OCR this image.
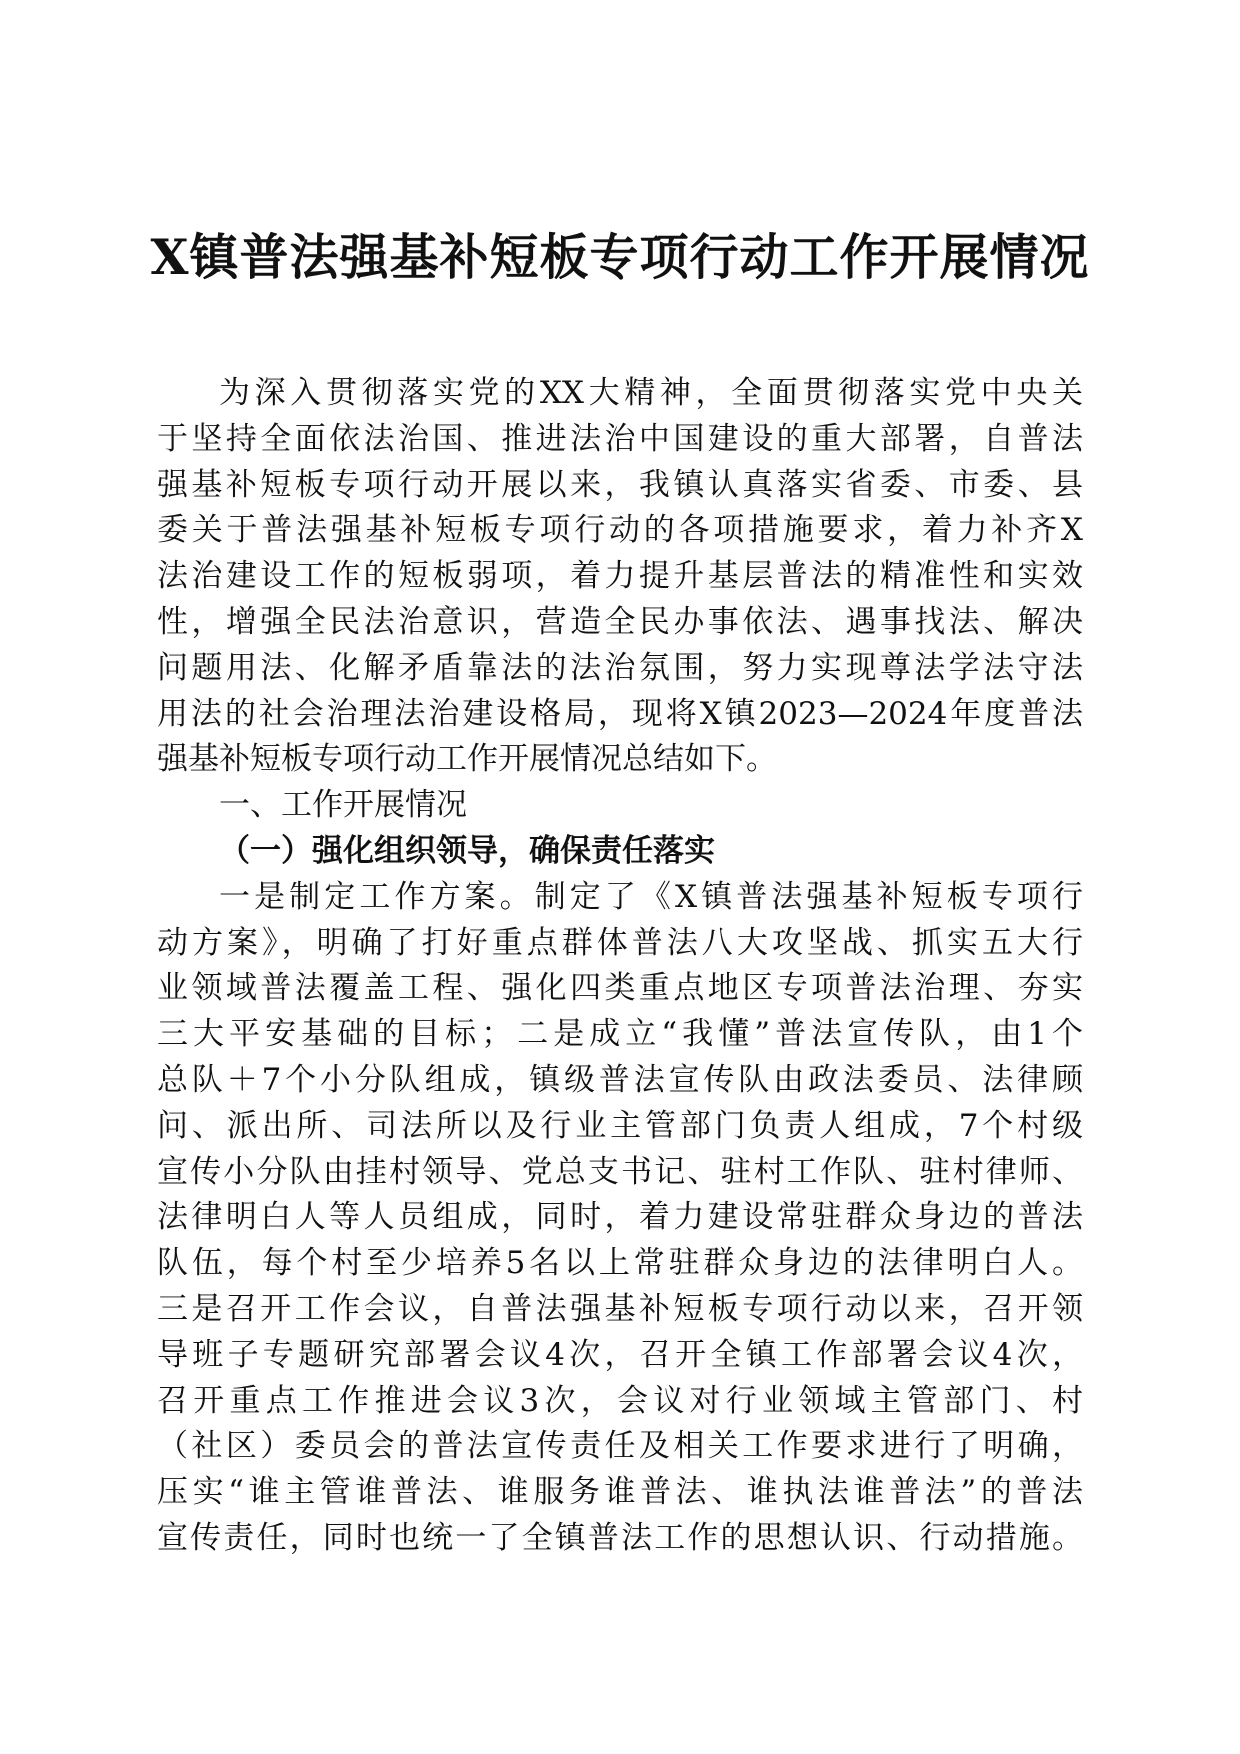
X镇普法强基补短板专项行动工作开展情况
为深入贯彻落实党的XX大精神，全面贯彻落实党中央关
于坚持全面依法治国、推进法治中国建设的重大部署，自普法
强基补短板专项行动开展以来，我镇认真落实省委、市委、县
委关于普法强基补短板专项行动的各项措施要求，着力补齐X
法治建设工作的短板弱项，着力提升基层普法的精准性和实效
性，增强全民法治意识，营造全民办事依法、遇事找法、解决
问题用法、化解矛盾靠法的法治氛围，努力实现尊法学法守法
用法的社会治理法治建设格局，现将X镇2023—2024年度普法
强基补短板专项行动工作开展情况总结如下。
一、工作开展情况
（一）强化组织领导，确保责任落实
一是制定工作方案。制定了《X镇普法强基补短板专项行
动方案》，明确了打好重点群体普法八大攻坚战、抓实五大行
业领域普法覆盖工程、强化四类重点地区专项普法治理、夯实
三大平安基础的目标；二是成立“我懂”普法宣传队，由1个
总队＋7个小分队组成，镇级普法宣传队由政法委员、法律顾
问、派出所、司法所以及行业主管部门负责人组成，7个村级
宣传小分队由挂村领导、党总支书记、驻村工作队、驻村律师、
法律明白人等人员组成，同时，着力建设常驻群众身边的普法
队伍，每个村至少培养5名以上常驻群众身边的法律明白人。
三是召开工作会议，自普法强基补短板专项行动以来，召开领
导班子专题研究部署会议4次，召开全镇工作部署会议4次，
召开重点工作推进会议3次，会议对行业领域主管部门、村
（社区）委员会的普法宣传责任及相关工作要求进行了明确，
压实“谁主管谁普法、谁服务谁普法、谁执法谁普法”的普法
宣传责任，同时也统一了全镇普法工作的思想认识、行动措施。
